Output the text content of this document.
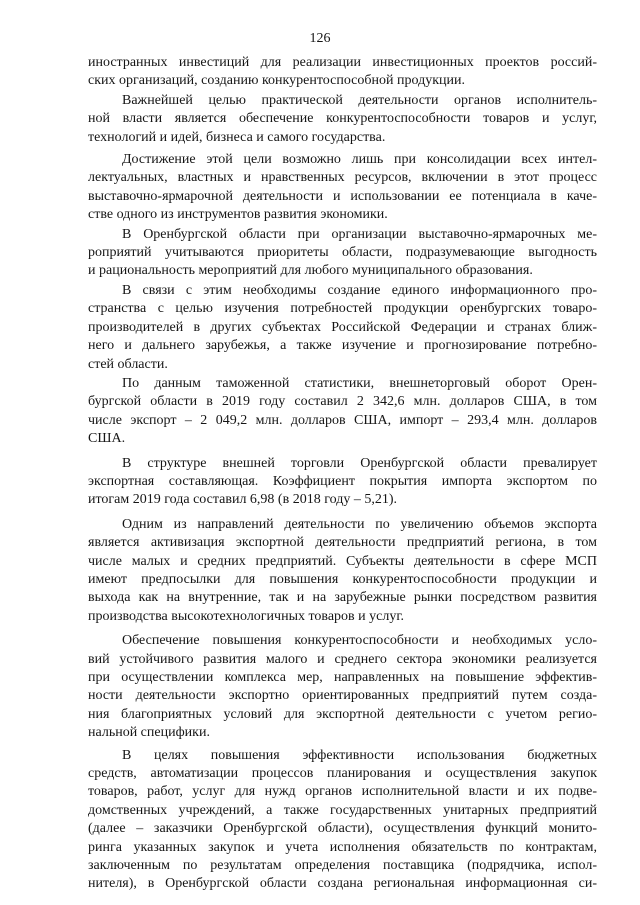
126
иностранных инвестиций для реализации инвестиционных проектов россий-
ских организаций, созданию конкурентоспособной продукции.
Важнейшей целью практической деятельности органов исполнитель-
ной власти является обеспечение конкурентоспособности товаров и услуг,
технологий и идей, бизнеса и самого государства.
Достижение этой цели возможно лишь при консолидации всех интел-
лектуальных, властных и нравственных ресурсов, включении в этот процесс
выставочно-ярмарочной деятельности и использовании ее потенциала в каче-
стве одного из инструментов развития экономики.
В Оренбургской области при организации выставочно-ярмарочных ме-
роприятий учитываются приоритеты области, подразумевающие выгодность
и рациональность мероприятий для любого муниципального образования.
В связи с этим необходимы создание единого информационного про-
странства с целью изучения потребностей продукции оренбургских товаро-
производителей в других субъектах Российской Федерации и странах ближ-
него и дальнего зарубежья, а также изучение и прогнозирование потребно-
стей области.
По данным таможенной статистики, внешнеторговый оборот Орен-
бургской области в 2019 году составил 2 342,6 млн. долларов США, в том
числе экспорт – 2 049,2 млн. долларов США, импорт – 293,4 млн. долларов
США.
В структуре внешней торговли Оренбургской области превалирует
экспортная составляющая. Коэффициент покрытия импорта экспортом по
итогам 2019 года составил 6,98 (в 2018 году – 5,21).
Одним из направлений деятельности по увеличению объемов экспорта
является активизация экспортной деятельности предприятий региона, в том
числе малых и средних предприятий. Субъекты деятельности в сфере МСП
имеют предпосылки для повышения конкурентоспособности продукции и
выхода как на внутренние, так и на зарубежные рынки посредством развития
производства высокотехнологичных товаров и услуг.
Обеспечение повышения конкурентоспособности и необходимых усло-
вий устойчивого развития малого и среднего сектора экономики реализуется
при осуществлении комплекса мер, направленных на повышение эффектив-
ности деятельности экспортно ориентированных предприятий путем созда-
ния благоприятных условий для экспортной деятельности с учетом регио-
нальной специфики.
В целях повышения эффективности использования бюджетных
средств, автоматизации процессов планирования и осуществления закупок
товаров, работ, услуг для нужд органов исполнительной власти и их подве-
домственных учреждений, а также государственных унитарных предприятий
(далее – заказчики Оренбургской области), осуществления функций монито-
ринга указанных закупок и учета исполнения обязательств по контрактам,
заключенным по результатам определения поставщика (подрядчика, испол-
нителя), в Оренбургской области создана региональная информационная си-
